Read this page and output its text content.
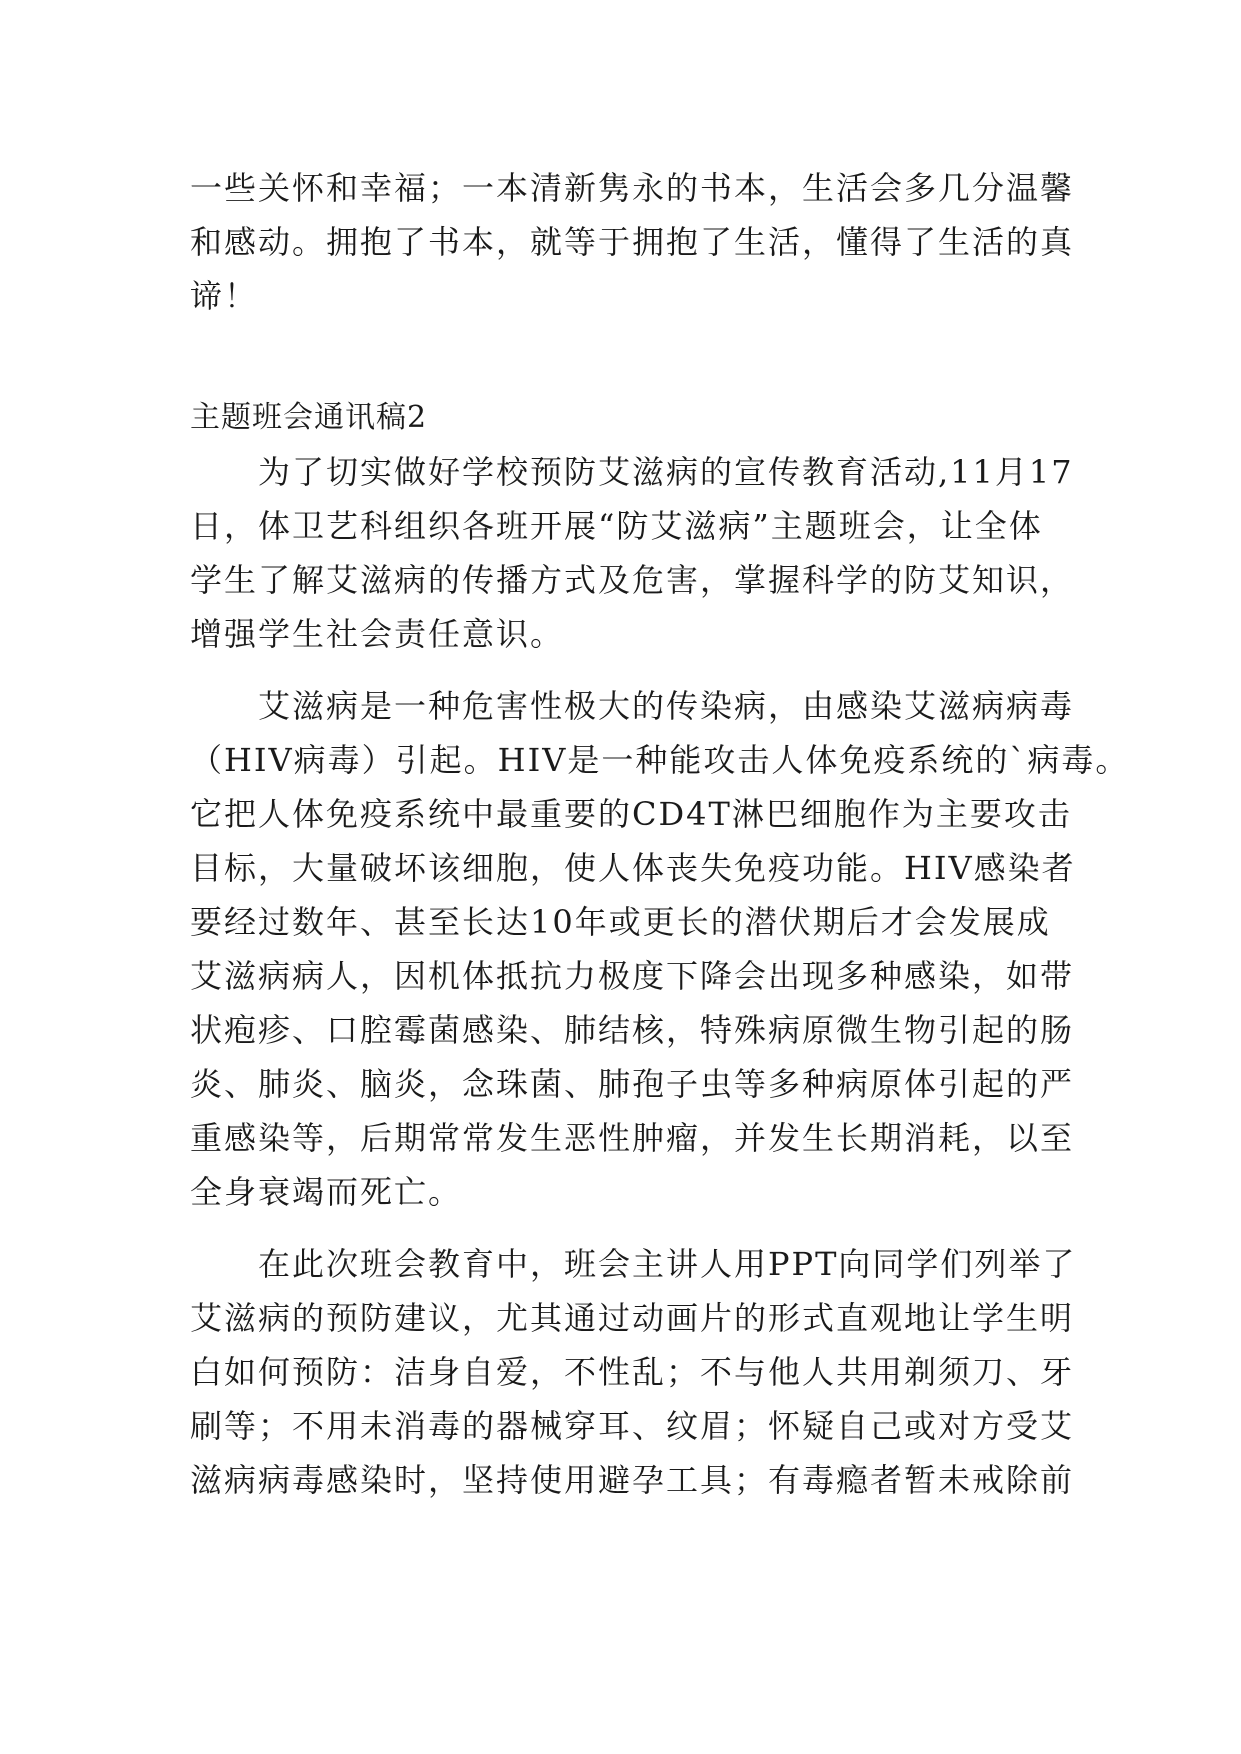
一些关怀和幸福；一本清新隽永的书本，生活会多几分温馨
和感动。拥抱了书本，就等于拥抱了生活，懂得了生活的真
谛！
主题班会通讯稿2
　　为了切实做好学校预防艾滋病的宣传教育活动,11月17
日，体卫艺科组织各班开展“防艾滋病”主题班会，让全体
学生了解艾滋病的传播方式及危害，掌握科学的防艾知识，
增强学生社会责任意识。
　　艾滋病是一种危害性极大的传染病，由感染艾滋病病毒
（HIV病毒）引起。HIV是一种能攻击人体免疫系统的`病毒。
它把人体免疫系统中最重要的CD4T淋巴细胞作为主要攻击
目标，大量破坏该细胞，使人体丧失免疫功能。HIV感染者
要经过数年、甚至长达10年或更长的潜伏期后才会发展成
艾滋病病人，因机体抵抗力极度下降会出现多种感染，如带
状疱疹、口腔霉菌感染、肺结核，特殊病原微生物引起的肠
炎、肺炎、脑炎，念珠菌、肺孢子虫等多种病原体引起的严
重感染等，后期常常发生恶性肿瘤，并发生长期消耗，以至
全身衰竭而死亡。
　　在此次班会教育中，班会主讲人用PPT向同学们列举了
艾滋病的预防建议，尤其通过动画片的形式直观地让学生明
白如何预防：洁身自爱，不性乱；不与他人共用剃须刀、牙
刷等；不用未消毒的器械穿耳、纹眉；怀疑自己或对方受艾
滋病病毒感染时，坚持使用避孕工具；有毒瘾者暂未戒除前
